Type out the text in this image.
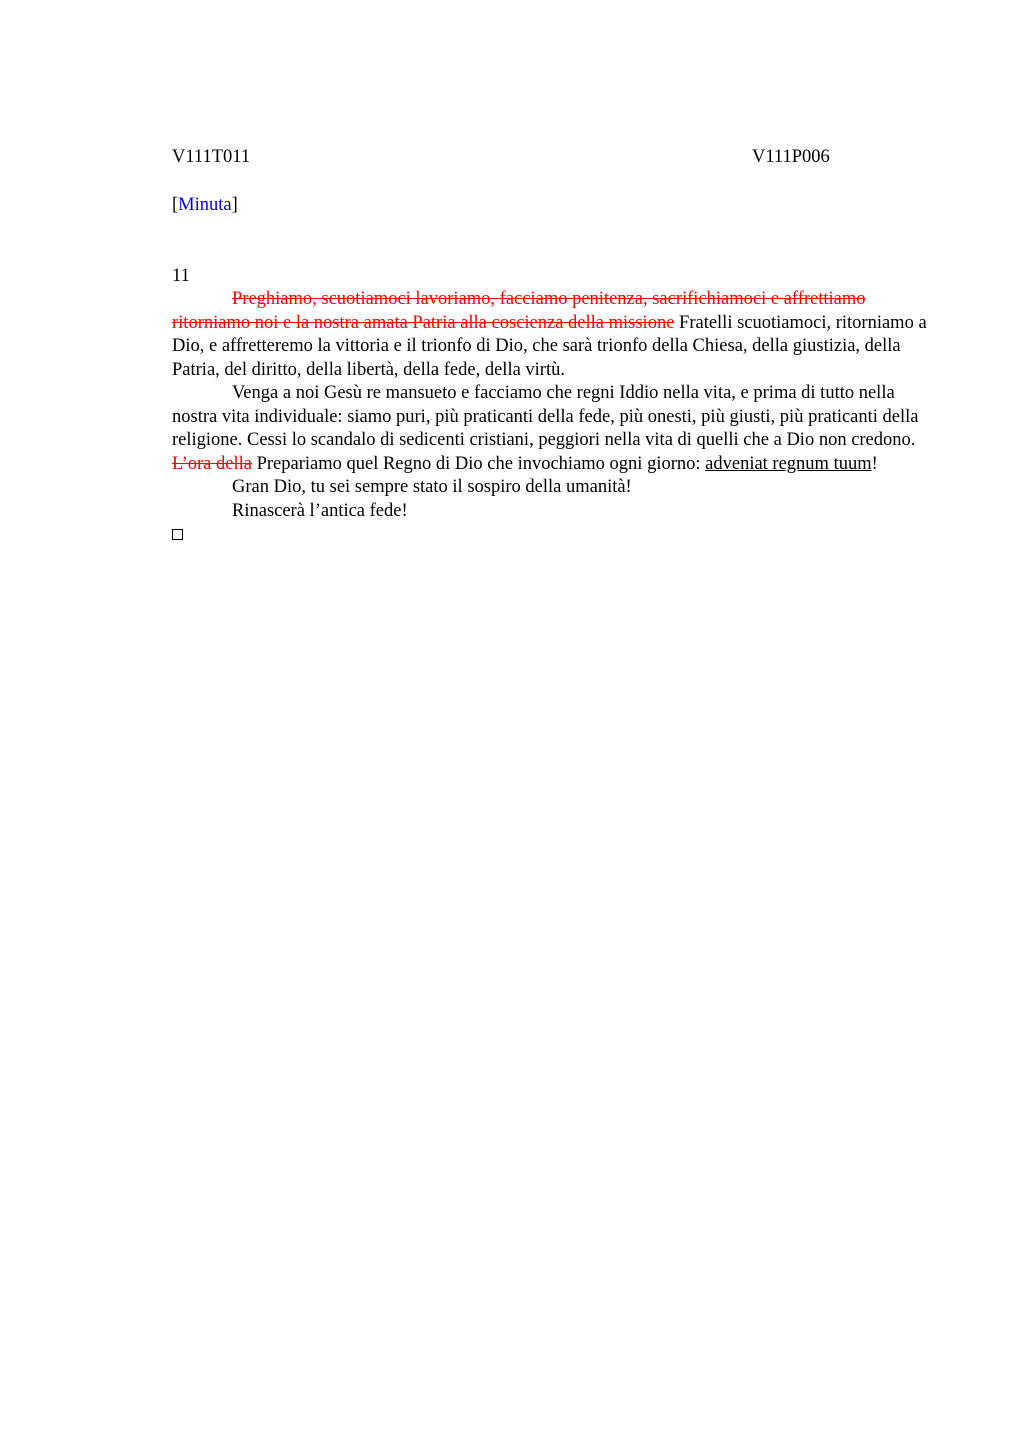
V111T011	V111P006
[Minuta]
11

Preghiamo, scuotiamoci lavoriamo, facciamo penitenza, sacrifichiamoci e affrettiamo ritorniamo noi e la nostra amata Patria alla coscienza della missione Fratelli scuotiamoci, ritorniamo a Dio, e affretteremo la vittoria e il trionfo di Dio, che sarà trionfo della Chiesa, della giustizia, della Patria, del diritto, della libertà, della fede, della virtù.

Venga a noi Gesù re mansueto e facciamo che regni Iddio nella vita, e prima di tutto nella nostra vita individuale: siamo puri, più praticanti della fede, più onesti, più giusti, più praticanti della religione. Cessi lo scandalo di sedicenti cristiani, peggiori nella vita di quelli che a Dio non credono. L’ora della Prepariamo quel Regno di Dio che invochiamo ogni giorno: adveniat regnum tuum!

Gran Dio, tu sei sempre stato il sospiro della umanità!

Rinascerà l’antica fede!
